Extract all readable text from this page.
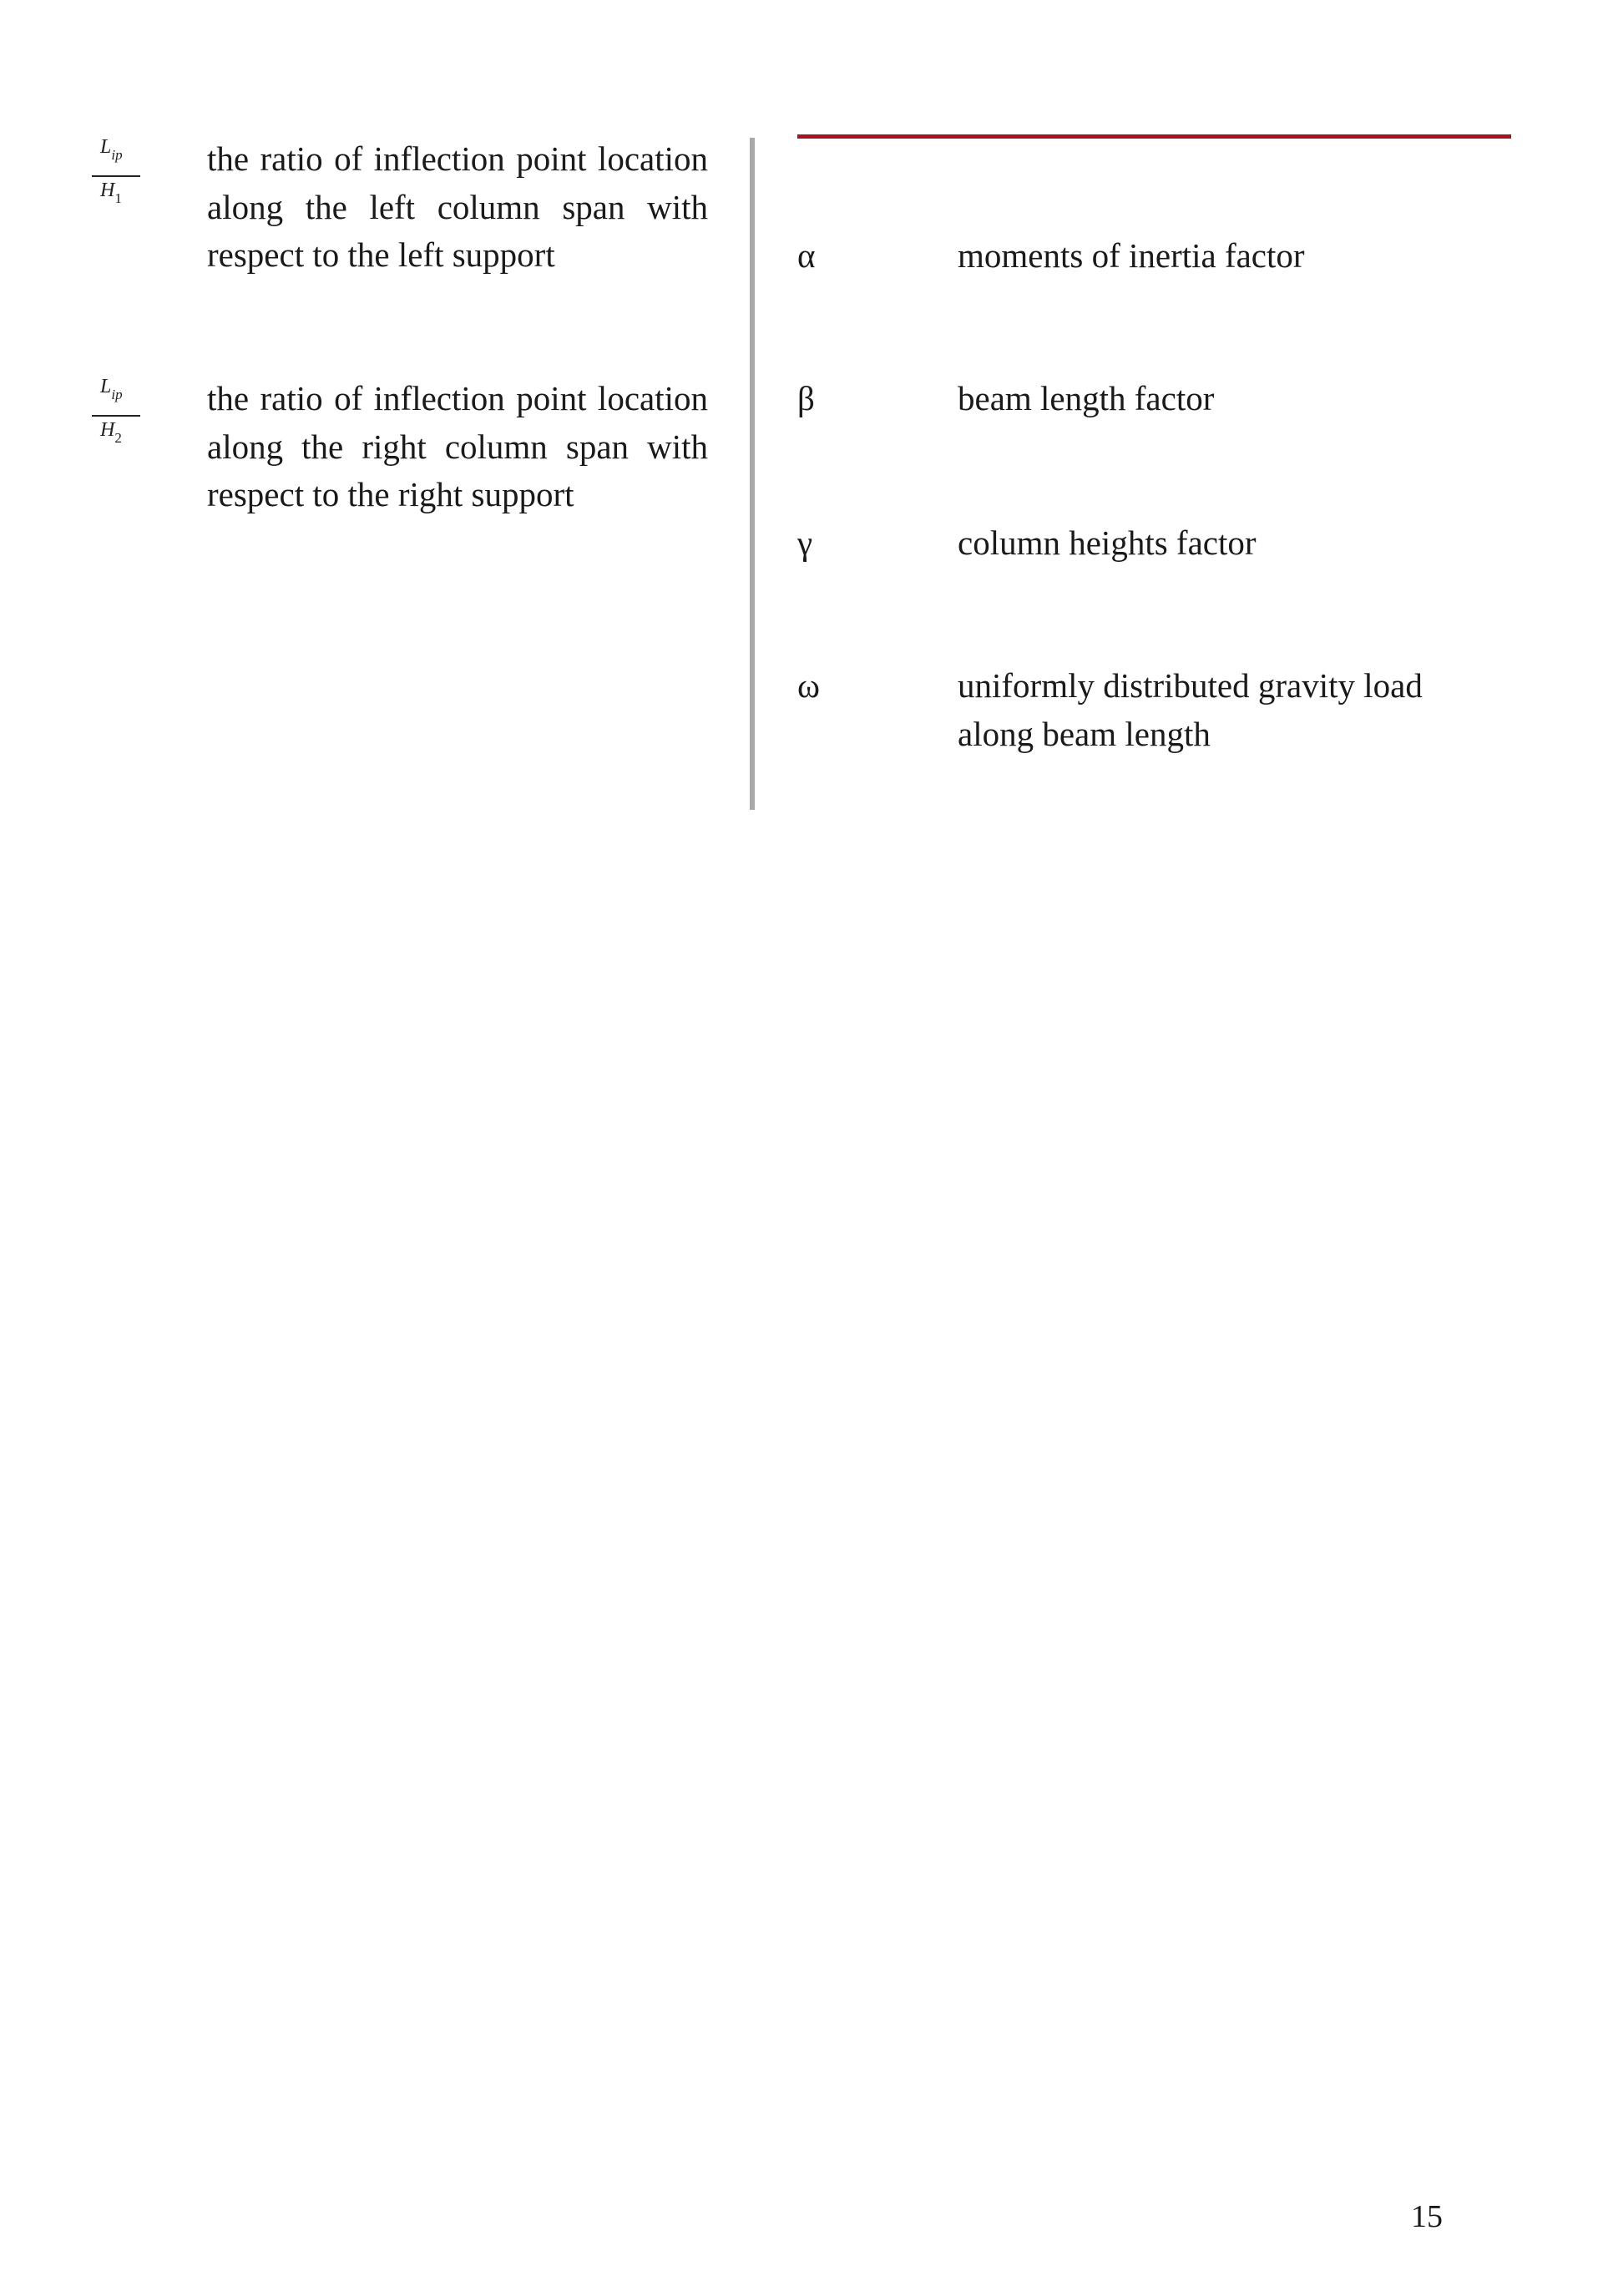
$L_{ip}$
$H_1$
the ratio of inflection point location along the left column span with respect to the left support
$L_{ip}$
$H_2$
the ratio of inflection point location along the right column span with respect to the right support
α	moments of inertia factor
β	beam length factor
γ	column heights factor
ω	uniformly distributed gravity load along beam length
15
